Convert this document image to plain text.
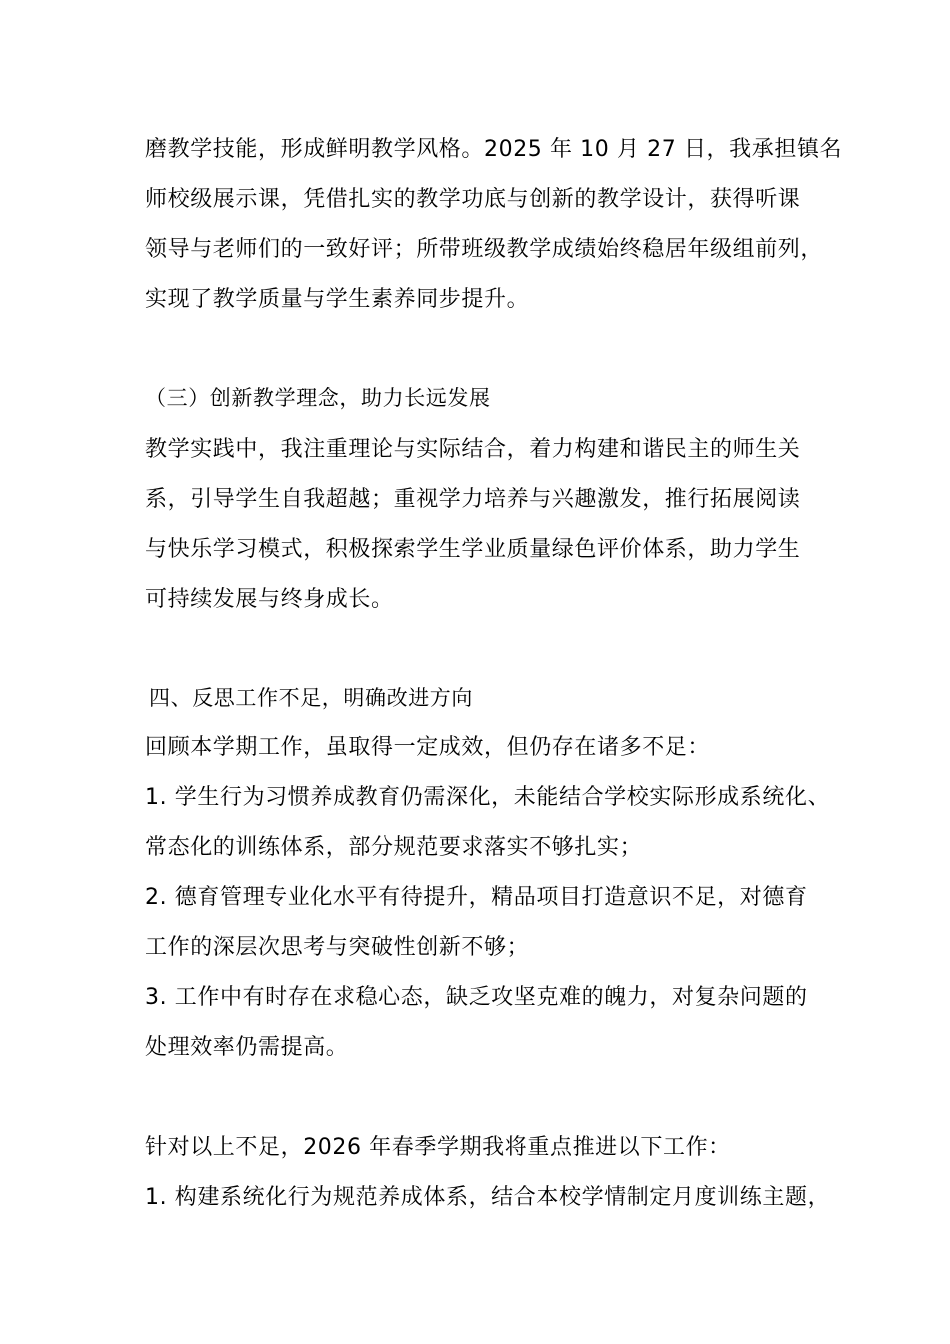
磨教学技能，形成鲜明教学风格。2025 年 10 月 27 日，我承担镇名
师校级展示课，凭借扎实的教学功底与创新的教学设计，获得听课
领导与老师们的一致好评；所带班级教学成绩始终稳居年级组前列，
实现了教学质量与学生素养同步提升。
（三）创新教学理念，助力长远发展
教学实践中，我注重理论与实际结合，着力构建和谐民主的师生关
系，引导学生自我超越；重视学力培养与兴趣激发，推行拓展阅读
与快乐学习模式，积极探索学生学业质量绿色评价体系，助力学生
可持续发展与终身成长。
四、反思工作不足，明确改进方向
回顾本学期工作，虽取得一定成效，但仍存在诸多不足：
1. 学生行为习惯养成教育仍需深化，未能结合学校实际形成系统化、
常态化的训练体系，部分规范要求落实不够扎实；
2. 德育管理专业化水平有待提升，精品项目打造意识不足，对德育
工作的深层次思考与突破性创新不够；
3. 工作中有时存在求稳心态，缺乏攻坚克难的魄力，对复杂问题的
处理效率仍需提高。
针对以上不足，2026 年春季学期我将重点推进以下工作：
1. 构建系统化行为规范养成体系，结合本校学情制定月度训练主题，
